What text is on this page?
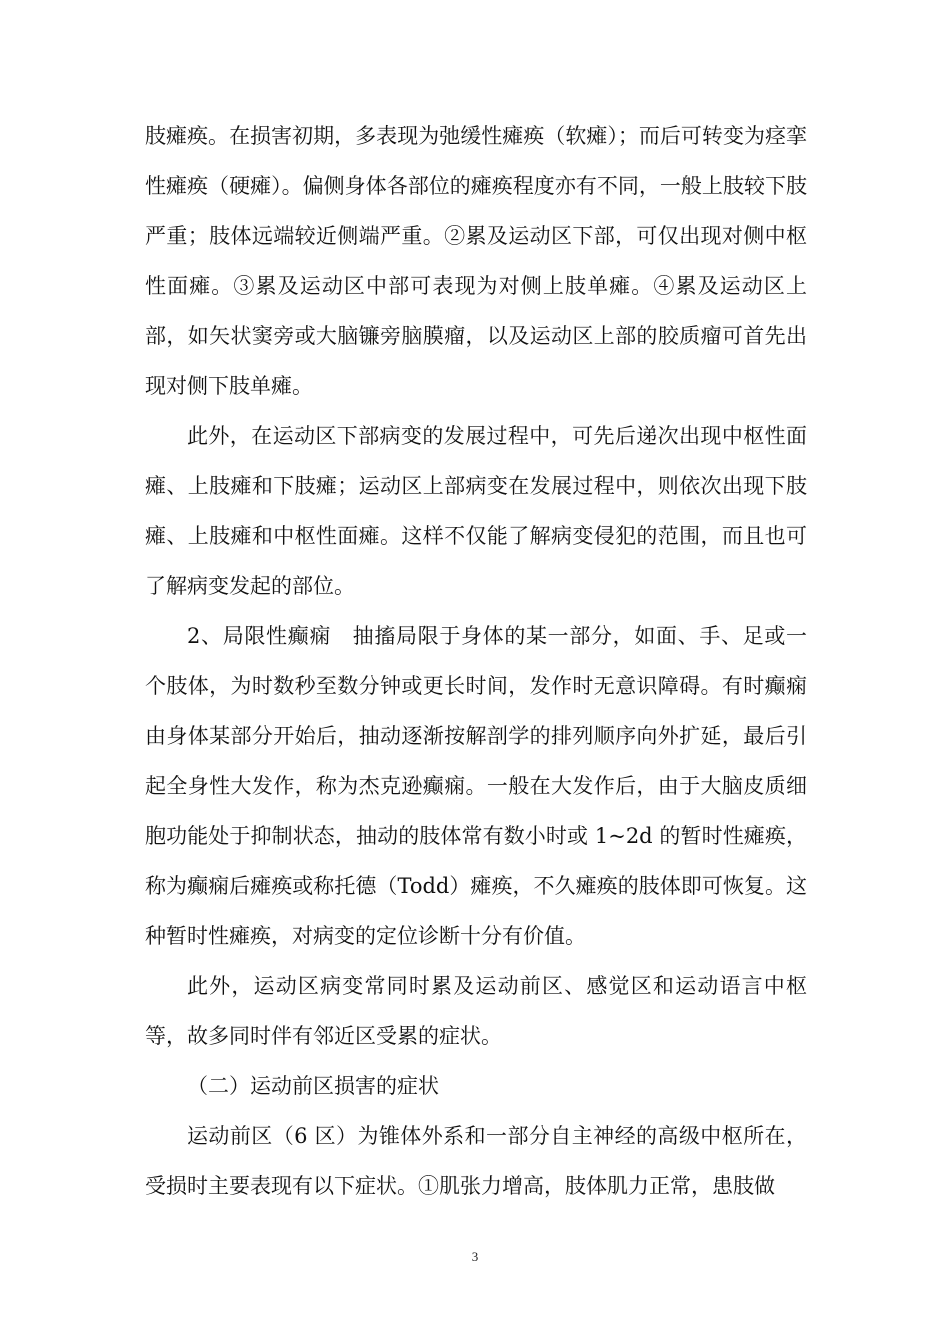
肢瘫痪。在损害初期，多表现为弛缓性瘫痪（软瘫）；而后可转变为痉挛性瘫痪（硬瘫）。偏侧身体各部位的瘫痪程度亦有不同，一般上肢较下肢严重；肢体远端较近侧端严重。②累及运动区下部，可仅出现对侧中枢性面瘫。③累及运动区中部可表现为对侧上肢单瘫。④累及运动区上部，如矢状窦旁或大脑镰旁脑膜瘤，以及运动区上部的胶质瘤可首先出现对侧下肢单瘫。

此外，在运动区下部病变的发展过程中，可先后递次出现中枢性面瘫、上肢瘫和下肢瘫；运动区上部病变在发展过程中，则依次出现下肢瘫、上肢瘫和中枢性面瘫。这样不仅能了解病变侵犯的范围，而且也可了解病变发起的部位。

2、局限性癫痫　抽搐局限于身体的某一部分，如面、手、足或一个肢体，为时数秒至数分钟或更长时间，发作时无意识障碍。有时癫痫由身体某部分开始后，抽动逐渐按解剖学的排列顺序向外扩延，最后引起全身性大发作，称为杰克逊癫痫。一般在大发作后，由于大脑皮质细胞功能处于抑制状态，抽动的肢体常有数小时或 1~2d 的暂时性瘫痪，称为癫痫后瘫痪或称托德（Todd）瘫痪，不久瘫痪的肢体即可恢复。这种暂时性瘫痪，对病变的定位诊断十分有价值。

此外，运动区病变常同时累及运动前区、感觉区和运动语言中枢等，故多同时伴有邻近区受累的症状。

（二）运动前区损害的症状

运动前区（6 区）为锥体外系和一部分自主神经的高级中枢所在，受损时主要表现有以下症状。①肌张力增高，肢体肌力正常，患肢做

3
